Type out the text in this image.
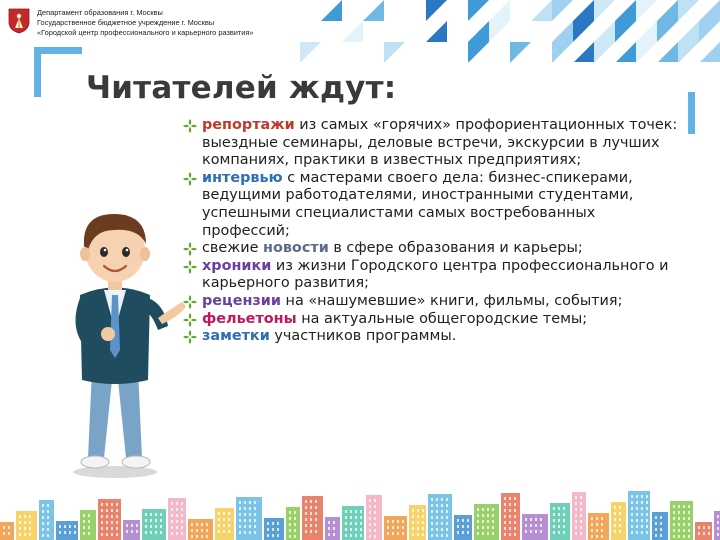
Департамент образования г. Москвы
Государственное бюджетное учреждение г. Москвы
«Городской центр профессионального и карьерного развития»
Читателей ждут:
репортажи из самых «горячих» профориентационных точек: выездные семинары, деловые встречи, экскурсии в лучших компаниях, практики в известных предприятиях;
интервью с мастерами своего дела: бизнес-спикерами, ведущими работодателями, иностранными студентами, успешными специалистами самых востребованных профессий;
свежие новости в сфере образования и карьеры;
хроники из жизни Городского центра профессионального и карьерного развития;
рецензии на «нашумевшие» книги, фильмы, события;
фельетоны на актуальные общегородские темы;
заметки участников программы.
